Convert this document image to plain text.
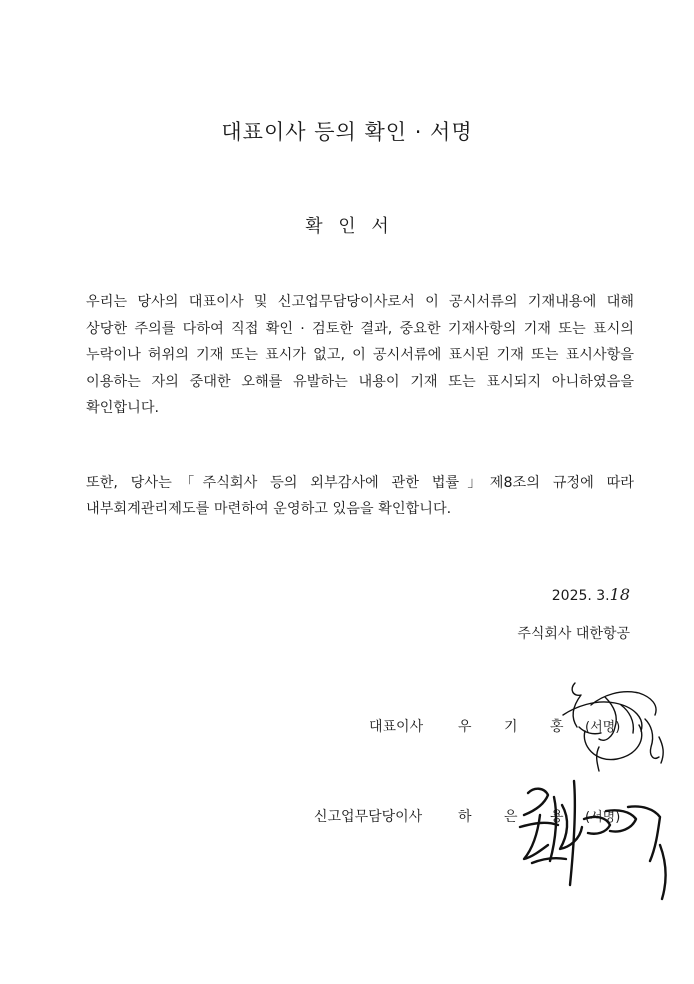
대표이사 등의 확인 · 서명
확 인 서
우리는 당사의 대표이사 및 신고업무담당이사로서 이 공시서류의 기재내용에 대해
상당한 주의를 다하여 직접 확인 · 검토한 결과, 중요한 기재사항의 기재 또는 표시의
누락이나 허위의 기재 또는 표시가 없고, 이 공시서류에 표시된 기재 또는 표시사항을
이용하는 자의 중대한 오해를 유발하는 내용이 기재 또는 표시되지 아니하였음을
확인합니다.
또한, 당사는「주식회사 등의 외부감사에 관한 법률」제8조의 규정에 따라
내부회계관리제도를 마련하여 운영하고 있음을 확인합니다.
2025. 3.18
주식회사 대한항공
대표이사 우 기 홍 (서명)
신고업무담당이사	하 은 용 (서명)
